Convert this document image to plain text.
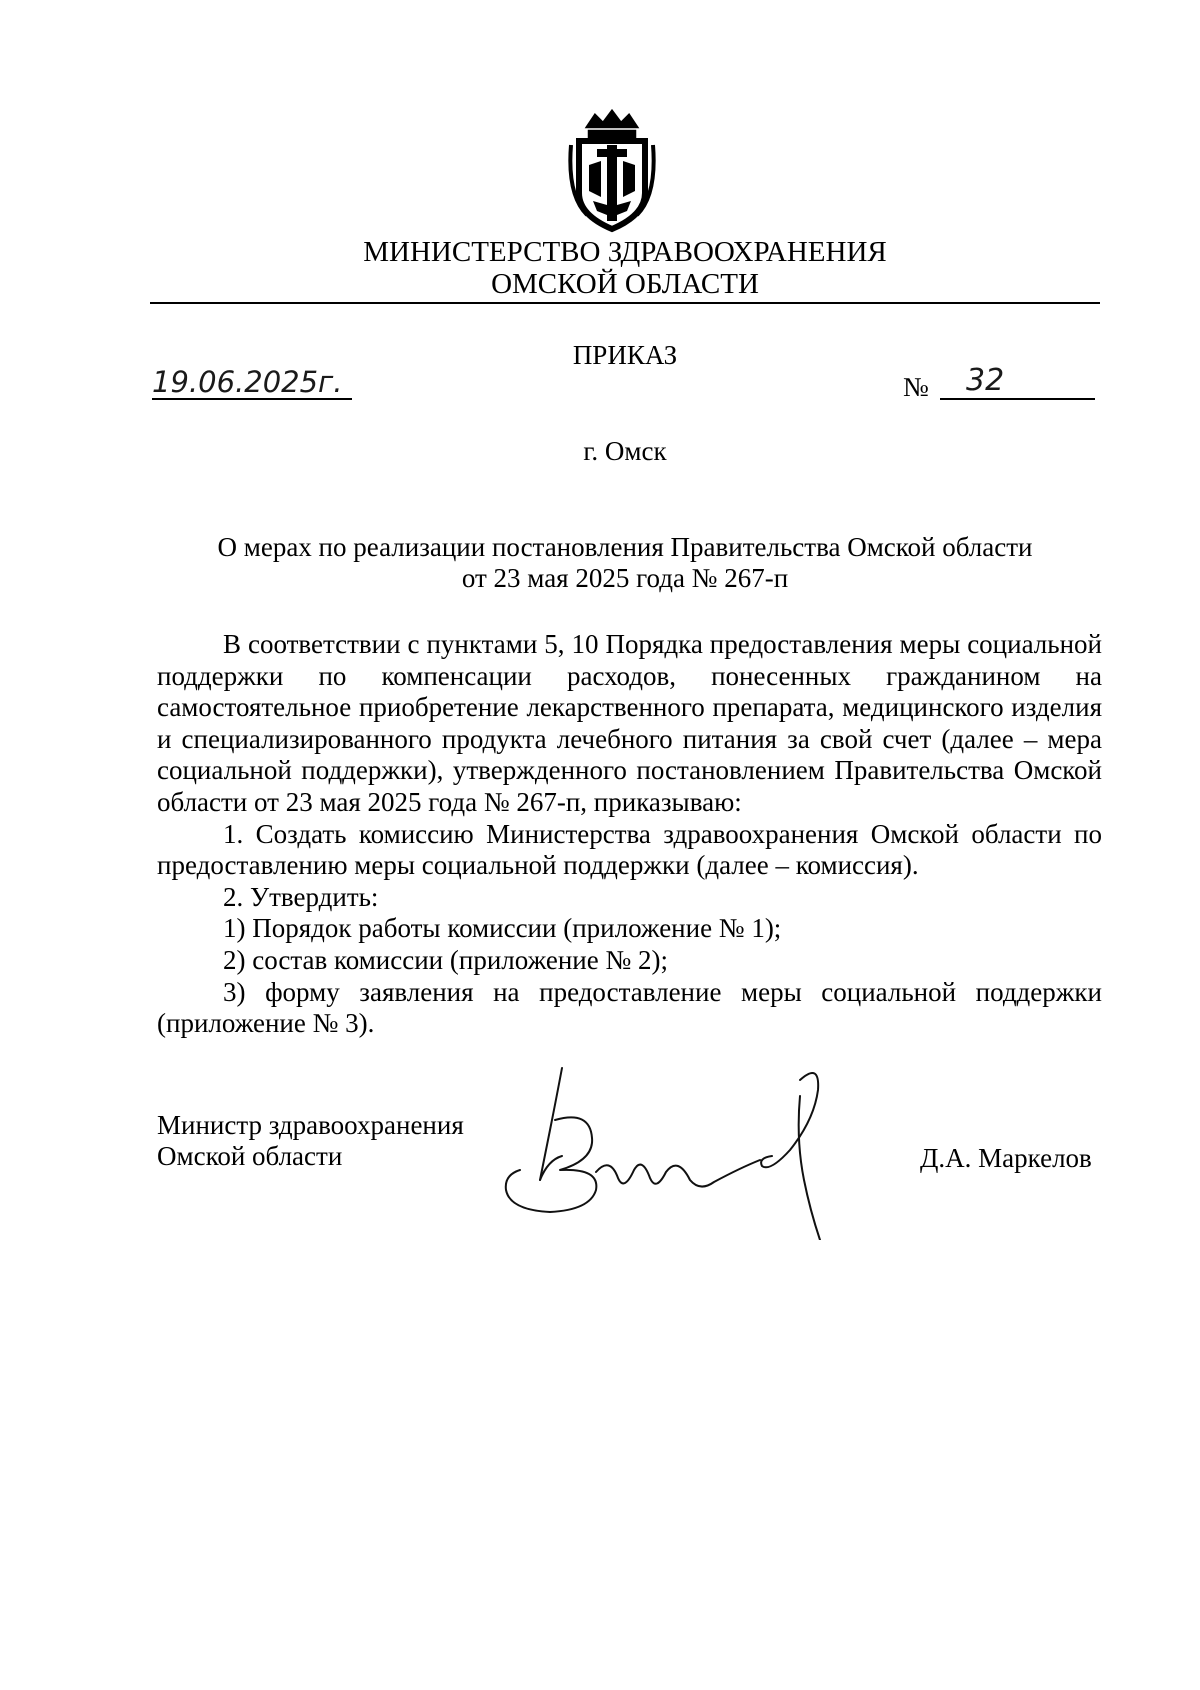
МИНИСТЕРСТВО ЗДРАВООХРАНЕНИЯ
ОМСКОЙ ОБЛАСТИ
ПРИКАЗ
19.06.2025г.	№	32
г. Омск
О мерах по реализации постановления Правительства Омской области
от 23 мая 2025 года № 267-п

В соответствии с пунктами 5, 10 Порядка предоставления меры социальной поддержки по компенсации расходов, понесенных гражданином на самостоятельное приобретение лекарственного препарата, медицинского изделия и специализированного продукта лечебного питания за свой счет (далее – мера социальной поддержки), утвержденного постановлением Правительства Омской области от 23 мая 2025 года № 267-п, приказываю:

1. Создать комиссию Министерства здравоохранения Омской области по предоставлению меры социальной поддержки (далее – комиссия).

2. Утвердить:

1) Порядок работы комиссии (приложение № 1);

2) состав комиссии (приложение № 2);

3) форму заявления на предоставление меры социальной поддержки (приложение № 3).

Министр здравоохранения
Омской области	Д.А. Маркелов
